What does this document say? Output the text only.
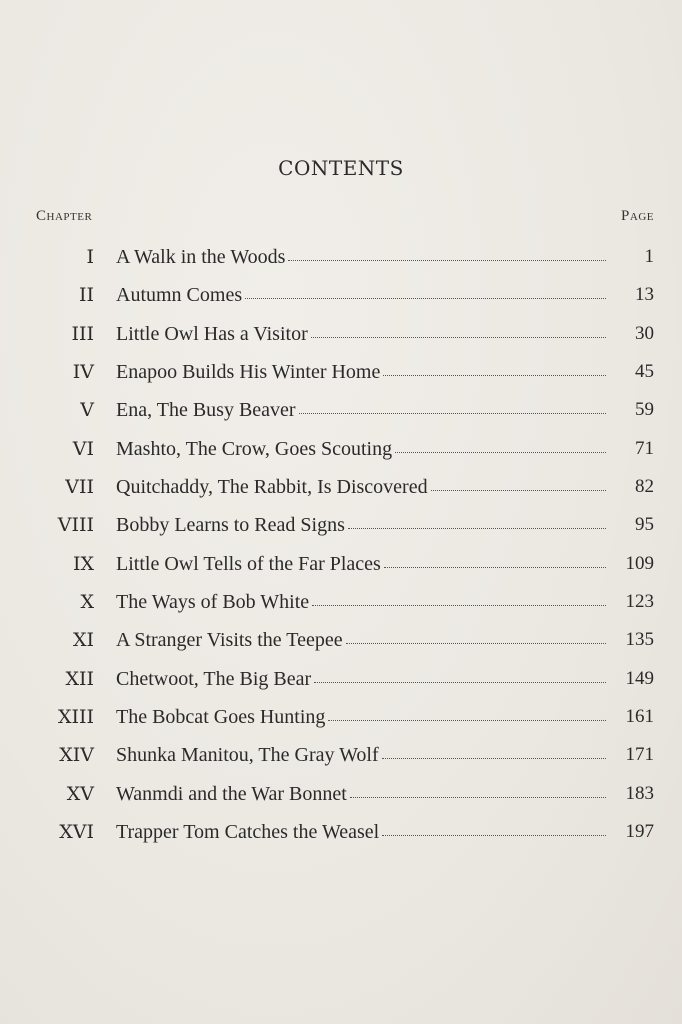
CONTENTS
Chapter	Page
I A Walk in the Woods	1
II Autumn Comes	13
III Little Owl Has a Visitor	30
IV Enapoo Builds His Winter Home	45
V Ena, The Busy Beaver	59
VI Mashto, The Crow, Goes Scouting	71
VII Quitchaddy, The Rabbit, Is Discovered	82
VIII Bobby Learns to Read Signs	95
IX Little Owl Tells of the Far Places	109
X The Ways of Bob White	123
XI A Stranger Visits the Teepee	135
XII Chetwoot, The Big Bear	149
XIII The Bobcat Goes Hunting	161
XIV Shunka Manitou, The Gray Wolf	171
XV Wanmdi and the War Bonnet	183
XVI Trapper Tom Catches the Weasel	197
